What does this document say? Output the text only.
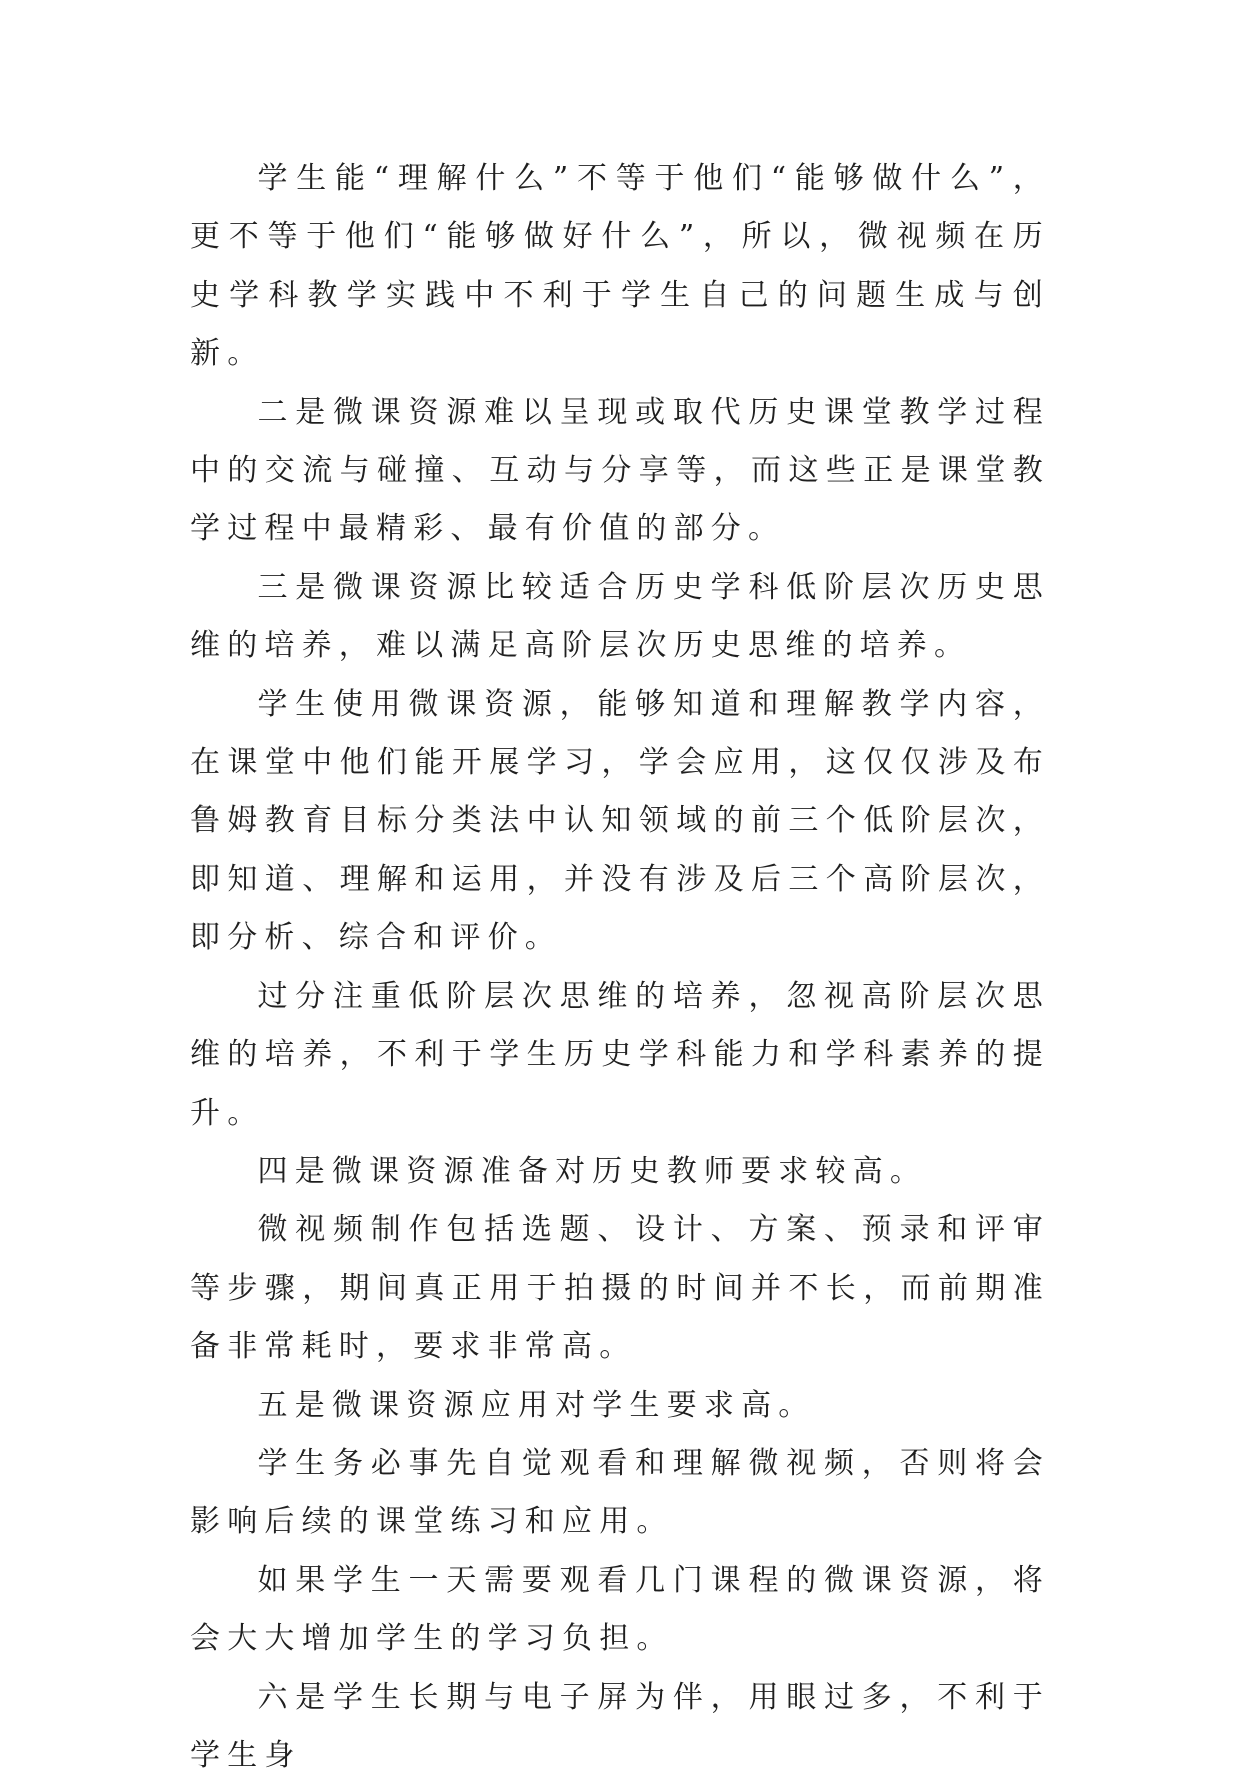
学生能“理解什么”不等于他们“能够做什么”，更不等于他们“能够做好什么”，所以，微视频在历史学科教学实践中不利于学生自己的问题生成与创新。

二是微课资源难以呈现或取代历史课堂教学过程中的交流与碰撞、互动与分享等，而这些正是课堂教学过程中最精彩、最有价值的部分。

三是微课资源比较适合历史学科低阶层次历史思维的培养，难以满足高阶层次历史思维的培养。

学生使用微课资源，能够知道和理解教学内容，在课堂中他们能开展学习，学会应用，这仅仅涉及布鲁姆教育目标分类法中认知领域的前三个低阶层次，即知道、理解和运用，并没有涉及后三个高阶层次，即分析、综合和评价。

过分注重低阶层次思维的培养，忽视高阶层次思维的培养，不利于学生历史学科能力和学科素养的提升。

四是微课资源准备对历史教师要求较高。

微视频制作包括选题、设计、方案、预录和评审等步骤，期间真正用于拍摄的时间并不长，而前期准备非常耗时，要求非常高。

五是微课资源应用对学生要求高。

学生务必事先自觉观看和理解微视频，否则将会影响后续的课堂练习和应用。

如果学生一天需要观看几门课程的微课资源，将会大大增加学生的学习负担。

六是学生长期与电子屏为伴，用眼过多，不利于学生身
